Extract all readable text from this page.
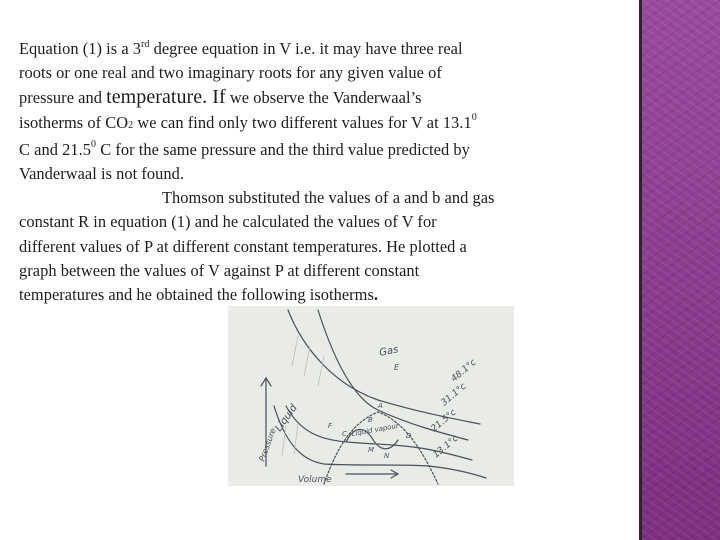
Equation (1) is a 3rd degree equation in V i.e. it may have three real
roots or one real and two imaginary roots for any given value of
pressure and temperature. If we observe the Vanderwaal’s
isotherms of CO2 we can find only two different values for V at 13.1$^0$
C and 21.5$^0$ C for the same pressure and the third value predicted by
Vanderwaal is not found.
Thomson substituted the values of a and b and gas
constant R in equation (1) and he calculated the values of V for
different values of P at different constant temperatures. He plotted a
graph between the values of V against P at different constant
temperatures and he obtained the following isotherms.
Gas
48.1°c
31.1°c
21.5°c
13.1°c
Liquid	Liquid vapour
Pressure
Volume
E
A
B
C	D
F
N
M
